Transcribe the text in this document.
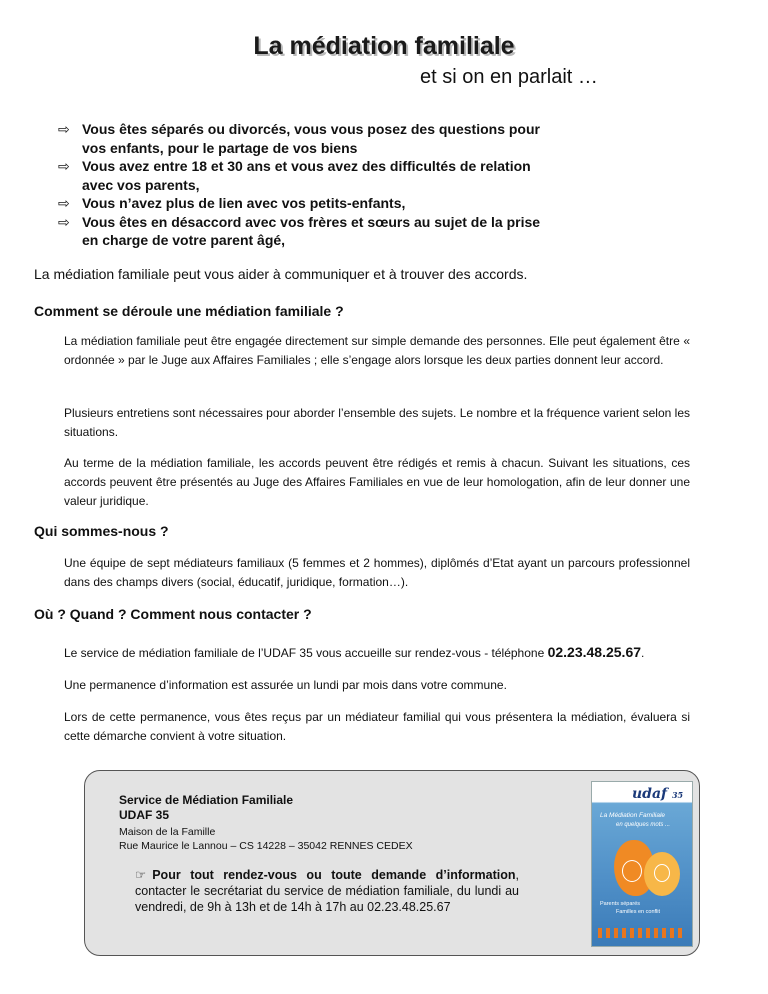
La médiation familiale
et si on en parlait …
⇨ Vous êtes séparés ou divorcés, vous vous posez des questions pour vos enfants, pour le partage de vos biens
⇨ Vous avez entre 18 et 30 ans et vous avez des difficultés de relation avec vos parents,
⇨ Vous n’avez plus de lien avec vos petits-enfants,
⇨ Vous êtes en désaccord avec vos frères et sœurs au sujet de la prise en charge de votre parent âgé,
La médiation familiale peut vous aider à communiquer et à trouver des accords.
Comment se déroule une médiation familiale ?

La médiation familiale peut être engagée directement sur simple demande des personnes. Elle peut également être « ordonnée » par le Juge aux Affaires Familiales ; elle s’engage alors lorsque les deux parties donnent leur accord.

Plusieurs entretiens sont nécessaires pour aborder l’ensemble des sujets. Le nombre et la fréquence varient selon les situations.

Au terme de la médiation familiale, les accords peuvent être rédigés et remis à chacun. Suivant les situations, ces accords peuvent être présentés au Juge des Affaires Familiales en vue de leur homologation, afin de leur donner une valeur juridique.

Qui sommes-nous ?

Une équipe de sept médiateurs familiaux (5 femmes et 2 hommes), diplômés d’Etat ayant un parcours professionnel dans des champs divers (social, éducatif, juridique, formation…).

Où ? Quand ? Comment nous contacter ?

Le service de médiation familiale de l’UDAF 35 vous accueille sur rendez-vous - téléphone 02.23.48.25.67.

Une permanence d’information est assurée un lundi par mois dans votre commune.

Lors de cette permanence, vous êtes reçus par un médiateur familial qui vous présentera la médiation, évaluera si cette démarche convient à votre situation.

Service de Médiation Familiale
UDAF 35
Maison de la Famille
Rue Maurice le Lannou – CS 14228 – 35042 RENNES CEDEX
☞ Pour tout rendez-vous ou toute demande d’information, contacter le secrétariat du service de médiation familiale, du lundi au vendredi, de 9h à 13h et de 14h à 17h au 02.23.48.25.67
udaf 35
La Médiation Familiale
en quelques mots ...
Parents séparés
Familles en conflit
